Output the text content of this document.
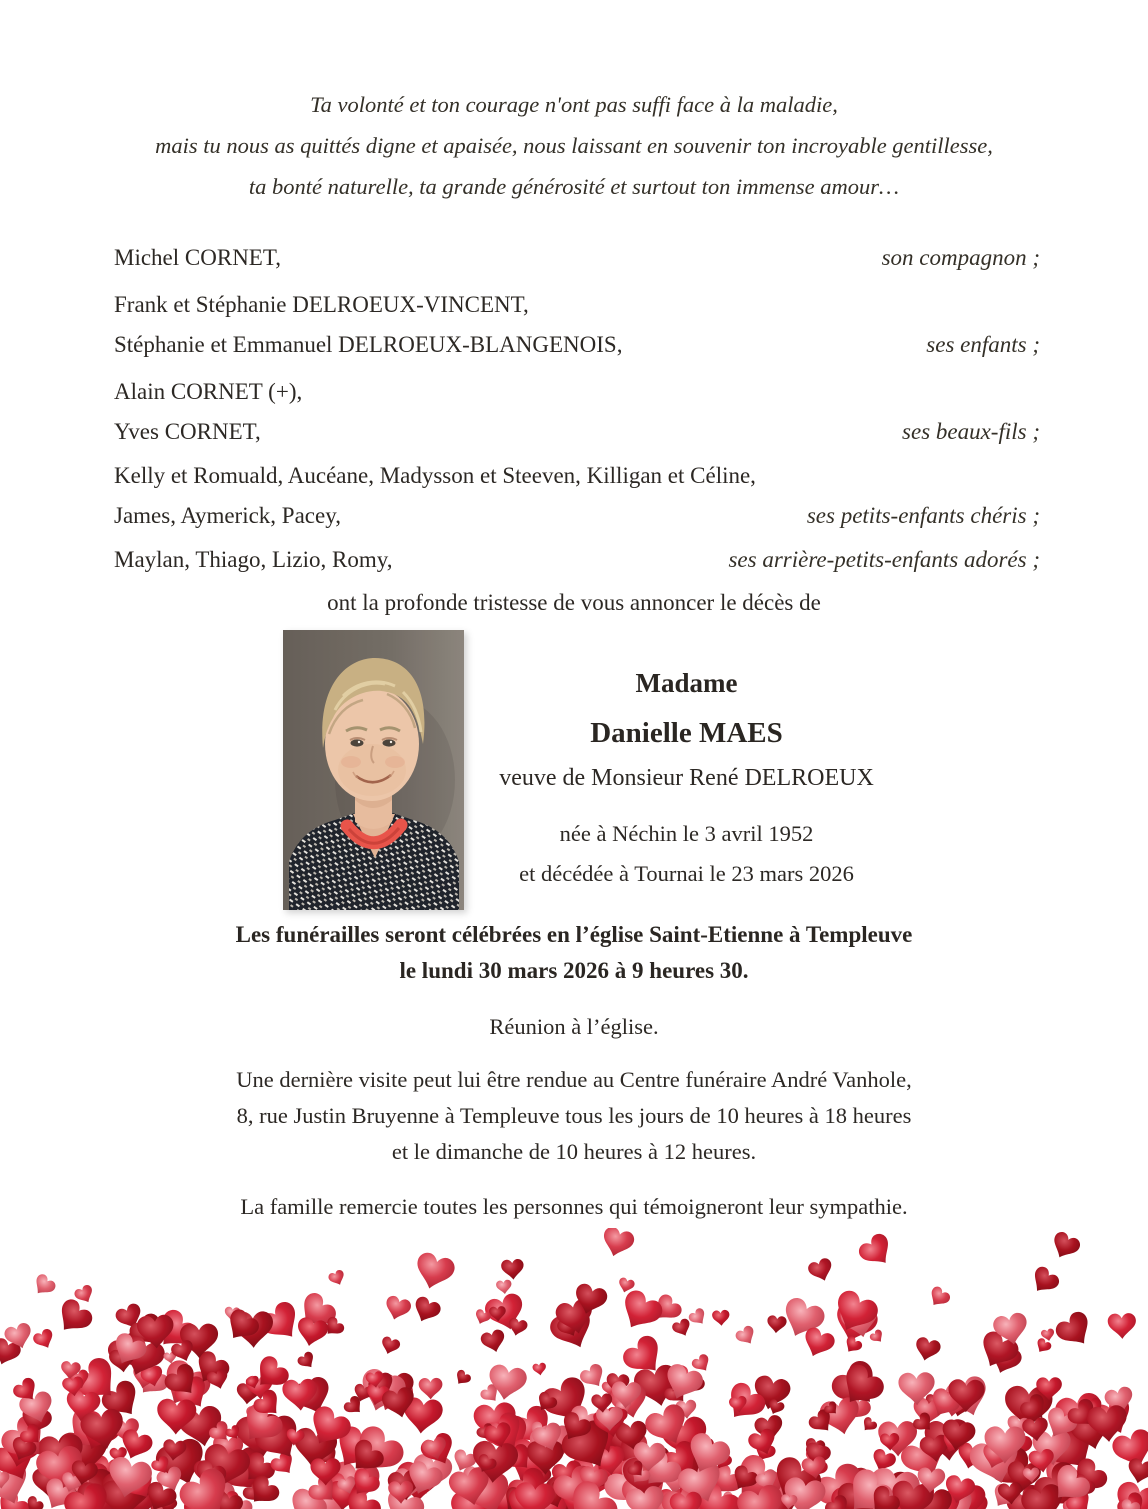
Ta volonté et ton courage n'ont pas suffi face à la maladie,
mais tu nous as quittés digne et apaisée, nous laissant en souvenir ton incroyable gentillesse,
ta bonté naturelle, ta grande générosité et surtout ton immense amour…
Michel CORNET,	son compagnon ;
Frank et Stéphanie DELROEUX-VINCENT,
Stéphanie et Emmanuel DELROEUX-BLANGENOIS,	ses enfants ;
Alain CORNET (+),
Yves CORNET,	ses beaux-fils ;
Kelly et Romuald, Aucéane, Madysson et Steeven, Killigan et Céline,
James, Aymerick, Pacey,	ses petits-enfants chéris ;
Maylan, Thiago, Lizio, Romy,	ses arrière-petits-enfants adorés ;
ont la profonde tristesse de vous annoncer le décès de
Madame
Danielle MAES
veuve de Monsieur René DELROEUX
née à Néchin le 3 avril 1952
et décédée à Tournai le 23 mars 2026
Les funérailles seront célébrées en l’église Saint-Etienne à Templeuve
le lundi 30 mars 2026 à 9 heures 30.
Réunion à l’église.
Une dernière visite peut lui être rendue au Centre funéraire André Vanhole,
8, rue Justin Bruyenne à Templeuve tous les jours de 10 heures à 18 heures
et le dimanche de 10 heures à 12 heures.
La famille remercie toutes les personnes qui témoigneront leur sympathie.
